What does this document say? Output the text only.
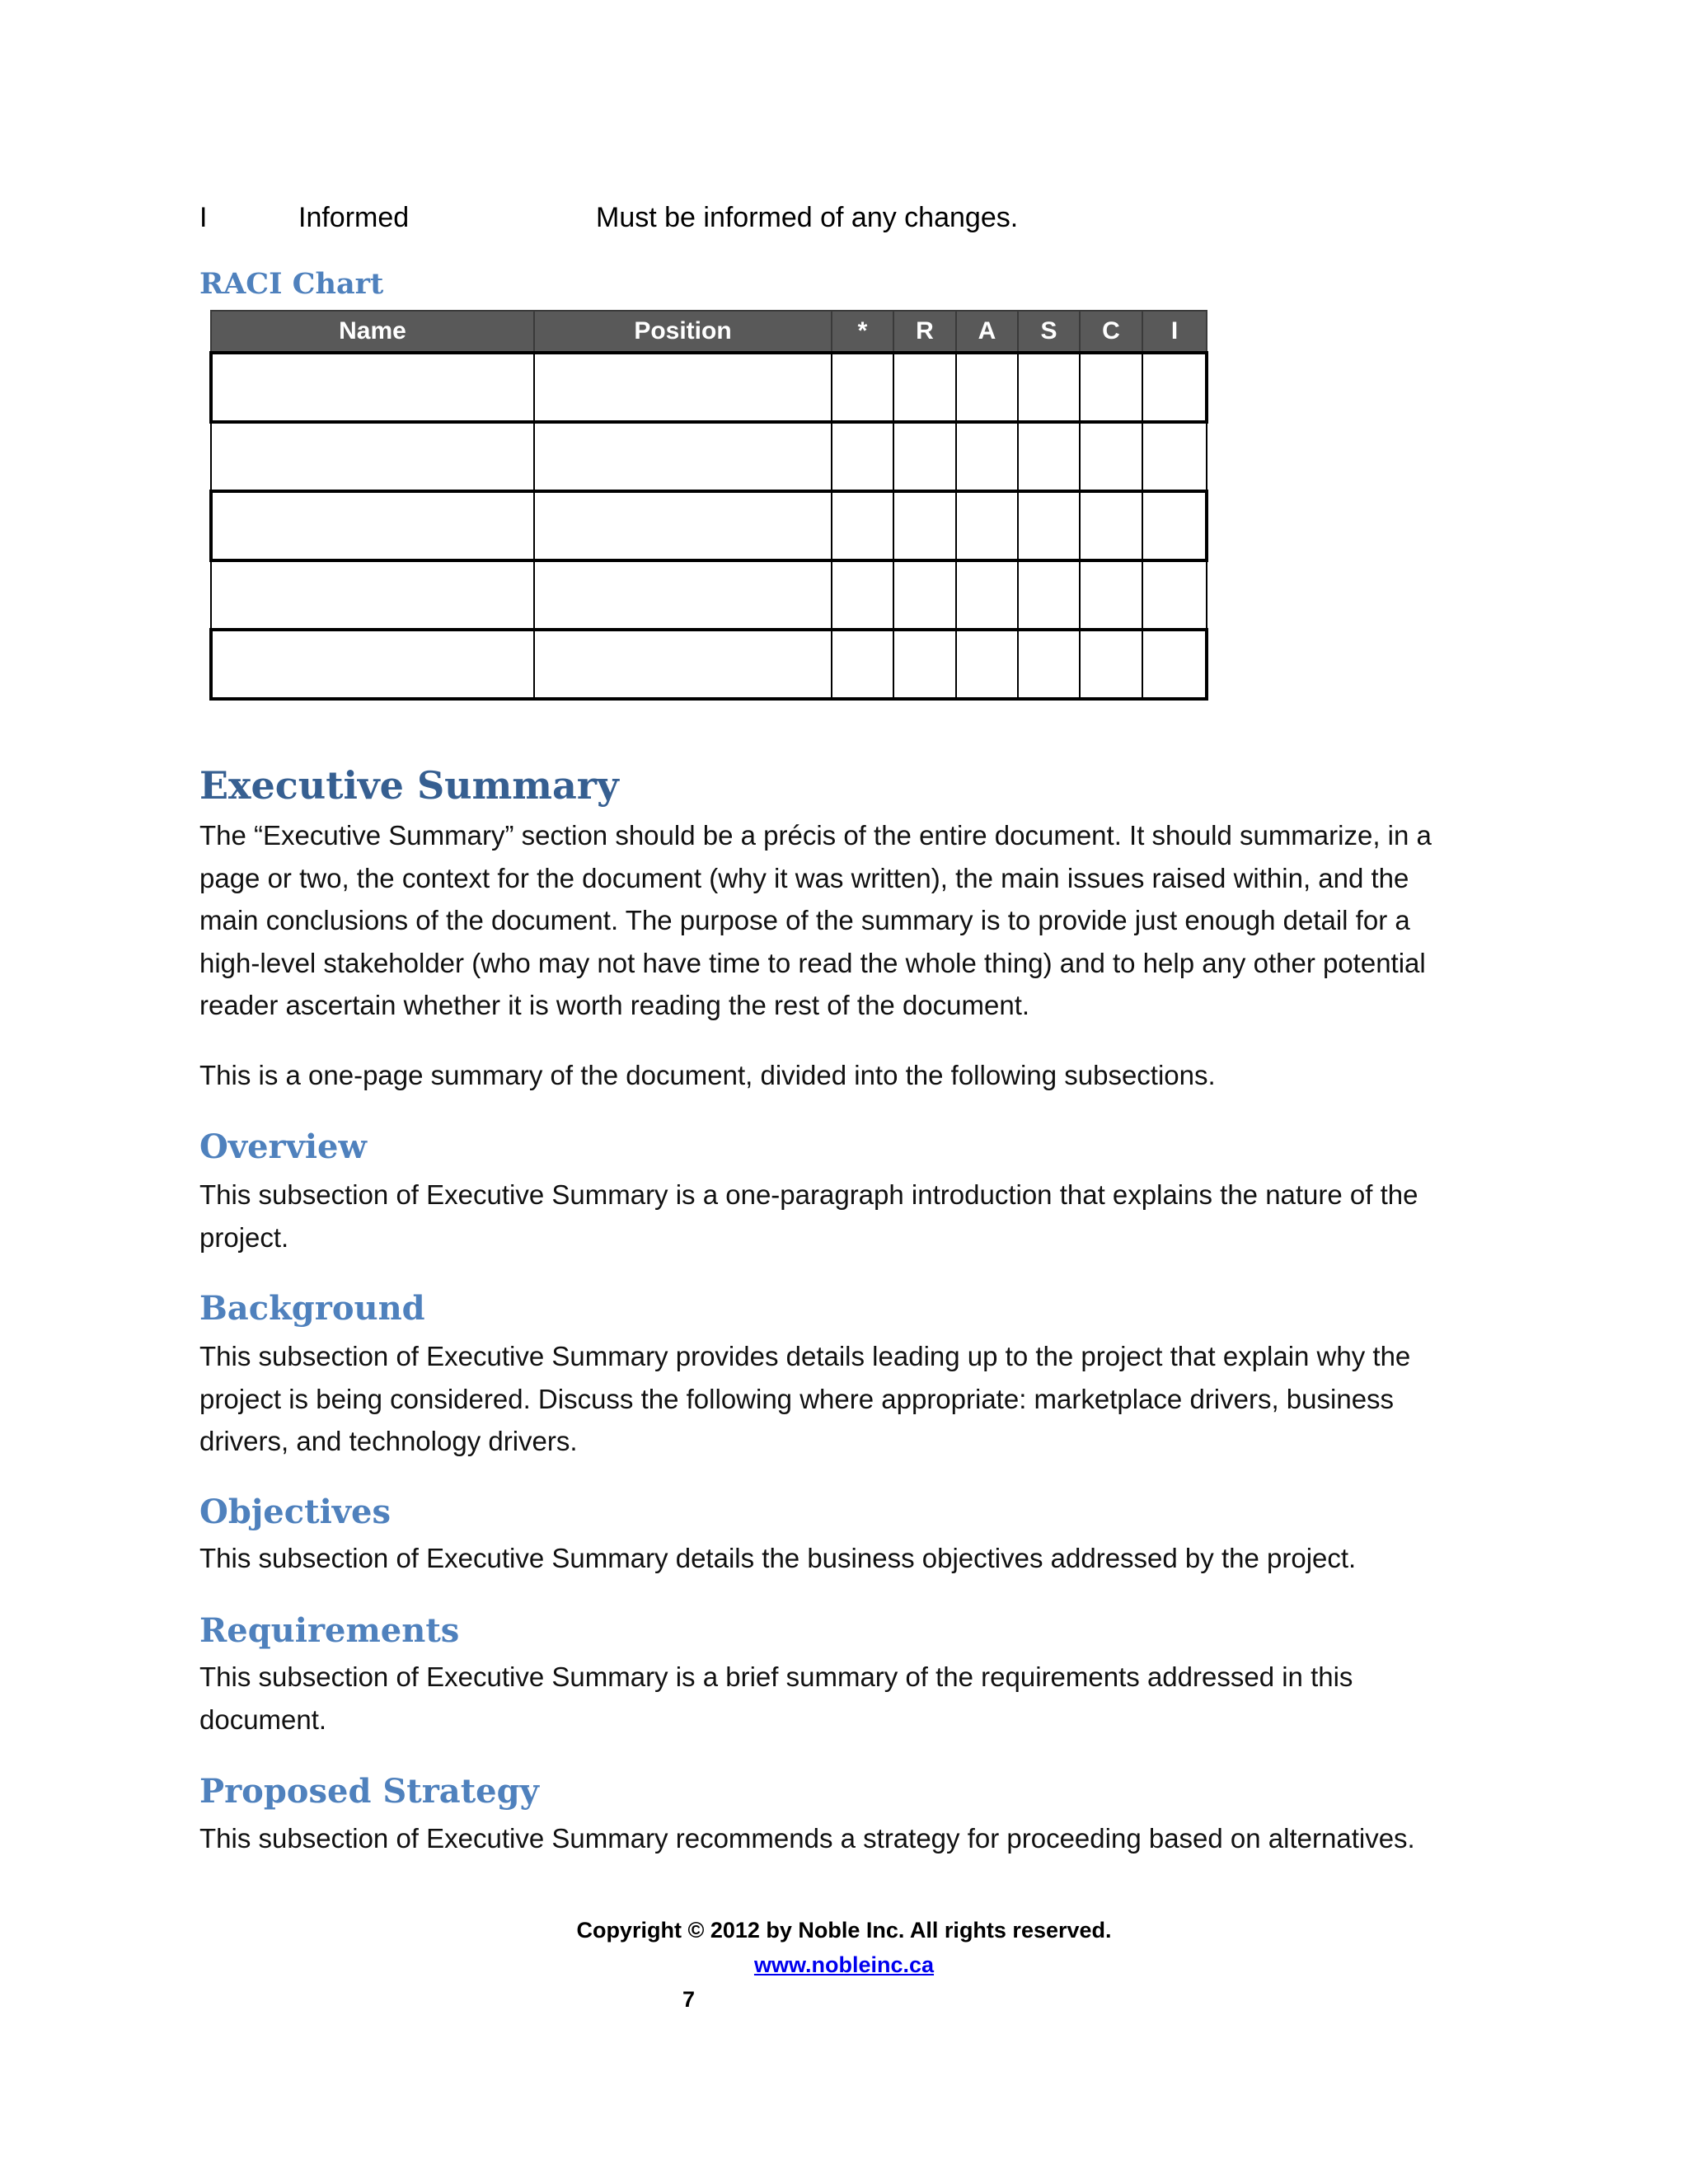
I	Informed	Must be informed of any changes.
RACI Chart
Name	Position	*	R	A	S	C	I

Executive Summary

The “Executive Summary” section should be a précis of the entire document. It should summarize, in a page or two, the context for the document (why it was written), the main issues raised within, and the main conclusions of the document. The purpose of the summary is to provide just enough detail for a high-level stakeholder (who may not have time to read the whole thing) and to help any other potential reader ascertain whether it is worth reading the rest of the document.

This is a one-page summary of the document, divided into the following subsections.

Overview

This subsection of Executive Summary is a one-paragraph introduction that explains the nature of the project.

Background

This subsection of Executive Summary provides details leading up to the project that explain why the project is being considered. Discuss the following where appropriate: marketplace drivers, business drivers, and technology drivers.

Objectives

This subsection of Executive Summary details the business objectives addressed by the project.

Requirements

This subsection of Executive Summary is a brief summary of the requirements addressed in this document.

Proposed Strategy

This subsection of Executive Summary recommends a strategy for proceeding based on alternatives.

Copyright © 2012 by Noble Inc. All rights reserved.

www.nobleinc.ca

7
